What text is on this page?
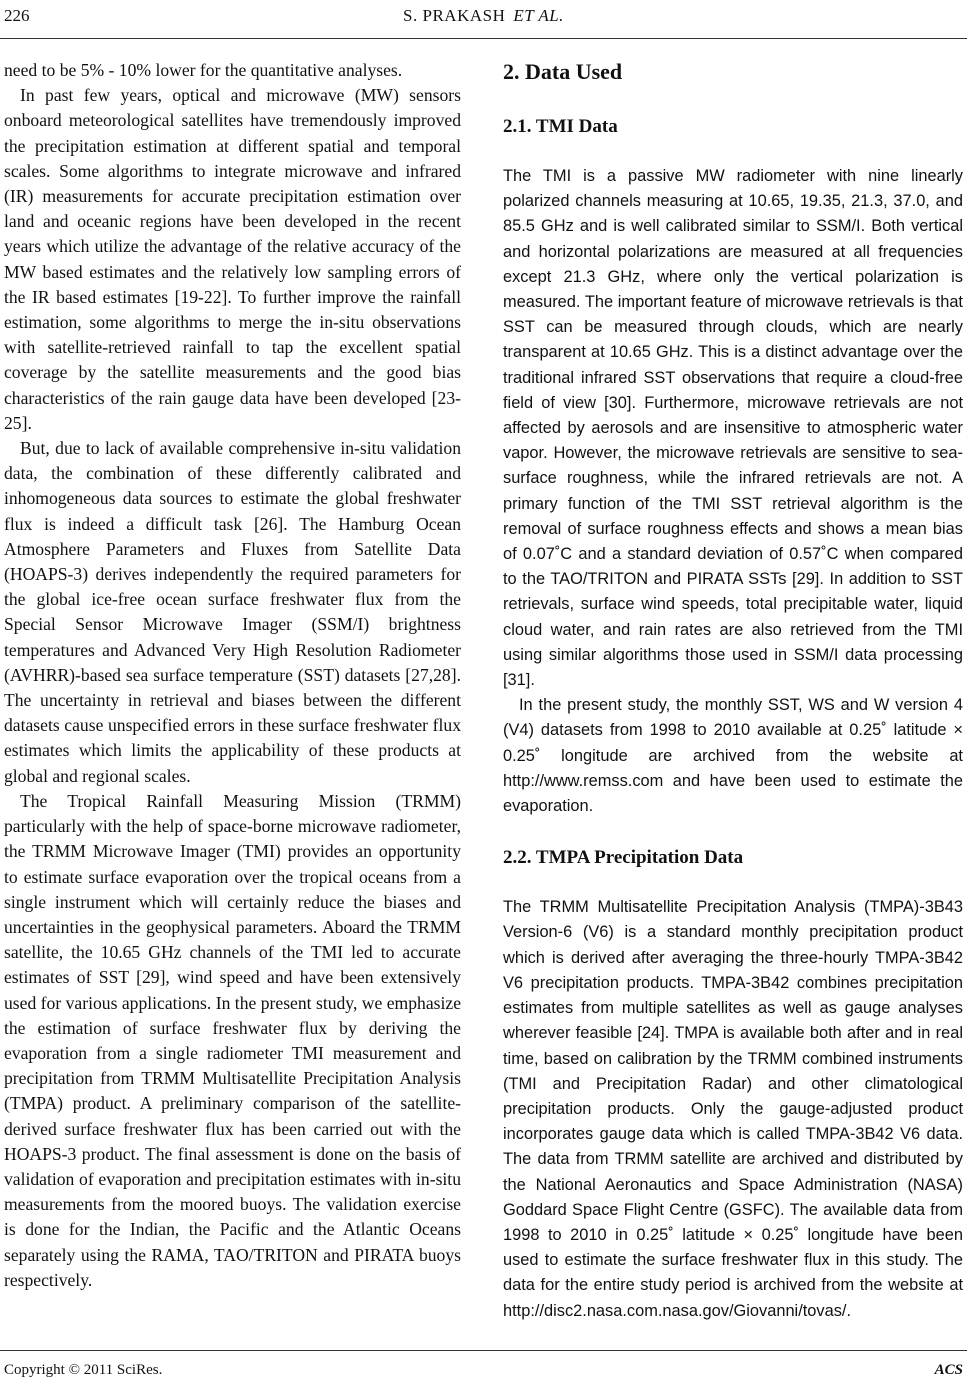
226	S. PRAKASH ET AL.

need to be 5% - 10% lower for the quantitative analyses.

In past few years, optical and microwave (MW) sensors onboard meteorological satellites have tremendously improved the precipitation estimation at different spatial and temporal scales. Some algorithms to integrate microwave and infrared (IR) measurements for accurate precipitation estimation over land and oceanic regions have been developed in the recent years which utilize the advantage of the relative accuracy of the MW based estimates and the relatively low sampling errors of the IR based estimates [19-22]. To further improve the rainfall estimation, some algorithms to merge the in-situ observations with satellite-retrieved rainfall to tap the excellent spatial coverage by the satellite measurements and the good bias characteristics of the rain gauge data have been developed [23-25].

But, due to lack of available comprehensive in-situ validation data, the combination of these differently calibrated and inhomogeneous data sources to estimate the global freshwater flux is indeed a difficult task [26]. The Hamburg Ocean Atmosphere Parameters and Fluxes from Satellite Data (HOAPS-3) derives independently the required parameters for the global ice-free ocean surface freshwater flux from the Special Sensor Microwave Imager (SSM/I) brightness temperatures and Advanced Very High Resolution Radiometer (AVHRR)-based sea surface temperature (SST) datasets [27,28]. The uncertainty in retrieval and biases between the different datasets cause unspecified errors in these surface freshwater flux estimates which limits the applicability of these products at global and regional scales.

The Tropical Rainfall Measuring Mission (TRMM) particularly with the help of space-borne microwave radiometer, the TRMM Microwave Imager (TMI) provides an opportunity to estimate surface evaporation over the tropical oceans from a single instrument which will certainly reduce the biases and uncertainties in the geophysical parameters. Aboard the TRMM satellite, the 10.65 GHz channels of the TMI led to accurate estimates of SST [29], wind speed and have been extensively used for various applications. In the present study, we emphasize the estimation of surface freshwater flux by deriving the evaporation from a single radiometer TMI measurement and precipitation from TRMM Multisatellite Precipitation Analysis (TMPA) product. A preliminary comparison of the satellite-derived surface freshwater flux has been carried out with the HOAPS-3 product. The final assessment is done on the basis of validation of evaporation and precipitation estimates with in-situ measurements from the moored buoys. The validation exercise is done for the Indian, the Pacific and the Atlantic Oceans separately using the RAMA, TAO/TRITON and PIRATA buoys respectively.

2. Data Used
2.1. TMI Data

The TMI is a passive MW radiometer with nine linearly polarized channels measuring at 10.65, 19.35, 21.3, 37.0, and 85.5 GHz and is well calibrated similar to SSM/I. Both vertical and horizontal polarizations are measured at all frequencies except 21.3 GHz, where only the vertical polarization is measured. The important feature of microwave retrievals is that SST can be measured through clouds, which are nearly transparent at 10.65 GHz. This is a distinct advantage over the traditional infrared SST observations that require a cloud-free field of view [30]. Furthermore, microwave retrievals are not affected by aerosols and are insensitive to atmospheric water vapor. However, the microwave retrievals are sensitive to sea-surface roughness, while the infrared retrievals are not. A primary function of the TMI SST retrieval algorithm is the removal of surface roughness effects and shows a mean bias of 0.07˚C and a standard deviation of 0.57˚C when compared to the TAO/TRITON and PIRATA SSTs [29]. In addition to SST retrievals, surface wind speeds, total precipitable water, liquid cloud water, and rain rates are also retrieved from the TMI using similar algorithms those used in SSM/I data processing [31].

In the present study, the monthly SST, WS and W version 4 (V4) datasets from 1998 to 2010 available at 0.25˚ latitude × 0.25˚ longitude are archived from the website at http://www.remss.com and have been used to estimate the evaporation.

2.2. TMPA Precipitation Data

The TRMM Multisatellite Precipitation Analysis (TMPA)-3B43 Version-6 (V6) is a standard monthly precipitation product which is derived after averaging the three-hourly TMPA-3B42 V6 precipitation products. TMPA-3B42 combines precipitation estimates from multiple satellites as well as gauge analyses wherever feasible [24]. TMPA is available both after and in real time, based on calibration by the TRMM combined instruments (TMI and Precipitation Radar) and other climatological precipitation products. Only the gauge-adjusted product incorporates gauge data which is called TMPA-3B42 V6 data. The data from TRMM satellite are archived and distributed by the National Aeronautics and Space Administration (NASA) Goddard Space Flight Centre (GSFC). The available data from 1998 to 2010 in 0.25˚ latitude × 0.25˚ longitude have been used to estimate the surface freshwater flux in this study. The data for the entire study period is archived from the website at http://disc2.nasa.com.nasa.gov/Giovanni/tovas/.

Copyright © 2011 SciRes.	ACS
